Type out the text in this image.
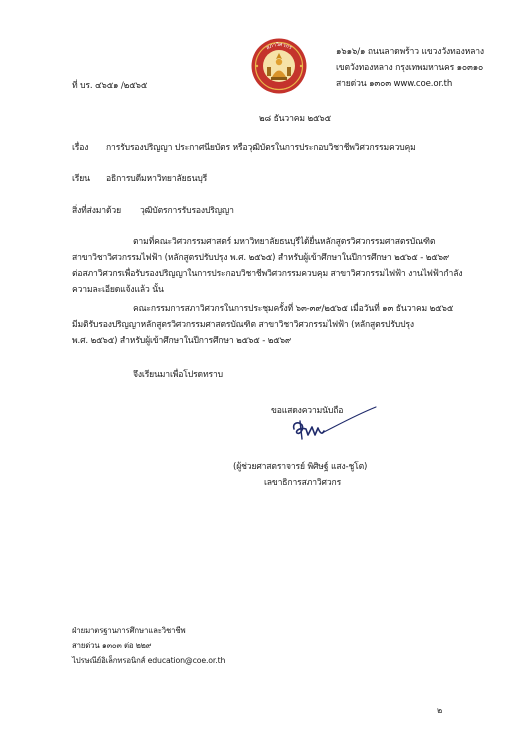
ที่ บร. ๔๖๕๑ /๒๕๖๕
สภาวิศวกร	๑๖๑๖/๑ ถนนลาดพร้าว แขวงวังทองหลาง
เขตวังทองหลาง กรุงเทพมหานคร ๑๐๓๑๐
สายด่วน ๑๓๐๓ www.coe.or.th
๒๘ ธันวาคม ๒๕๖๕
เรื่อง การรับรองปริญญา ประกาศนียบัตร หรือวุฒิบัตรในการประกอบวิชาชีพวิศวกรรมควบคุม
เรียน อธิการบดีมหาวิทยาลัยธนบุรี
สิ่งที่ส่งมาด้วย วุฒิบัตรการรับรองปริญญา
ตามที่คณะวิศวกรรมศาสตร์ มหาวิทยาลัยธนบุรีได้ยื่นหลักสูตรวิศวกรรมศาสตรบัณฑิต
สาขาวิชาวิศวกรรมไฟฟ้า (หลักสูตรปรับปรุง พ.ศ. ๒๕๖๕) สำหรับผู้เข้าศึกษาในปีการศึกษา ๒๕๖๕ - ๒๕๖๙
ต่อสภาวิศวกรเพื่อรับรองปริญญาในการประกอบวิชาชีพวิศวกรรมควบคุม สาขาวิศวกรรมไฟฟ้า งานไฟฟ้ากำลัง
ความละเอียดแจ้งแล้ว นั้น
คณะกรรมการสภาวิศวกรในการประชุมครั้งที่ ๖๓-๓๙/๒๕๖๕ เมื่อวันที่ ๑๓ ธันวาคม ๒๕๖๕
มีมติรับรองปริญญาหลักสูตรวิศวกรรมศาสตรบัณฑิต สาขาวิชาวิศวกรรมไฟฟ้า (หลักสูตรปรับปรุง
พ.ศ. ๒๕๖๕) สำหรับผู้เข้าศึกษาในปีการศึกษา ๒๕๖๕ - ๒๕๖๙
จึงเรียนมาเพื่อโปรดทราบ
ขอแสดงความนับถือ
(ผู้ช่วยศาสตราจารย์ พิศิษฐ์ แสง-ชูโต)
เลขาธิการสภาวิศวกร
ฝ่ายมาตรฐานการศึกษาและวิชาชีพ
สายด่วน ๑๓๐๓ ต่อ ๒๒๙
ไปรษณีย์อิเล็กทรอนิกส์ education@coe.or.th
๒
